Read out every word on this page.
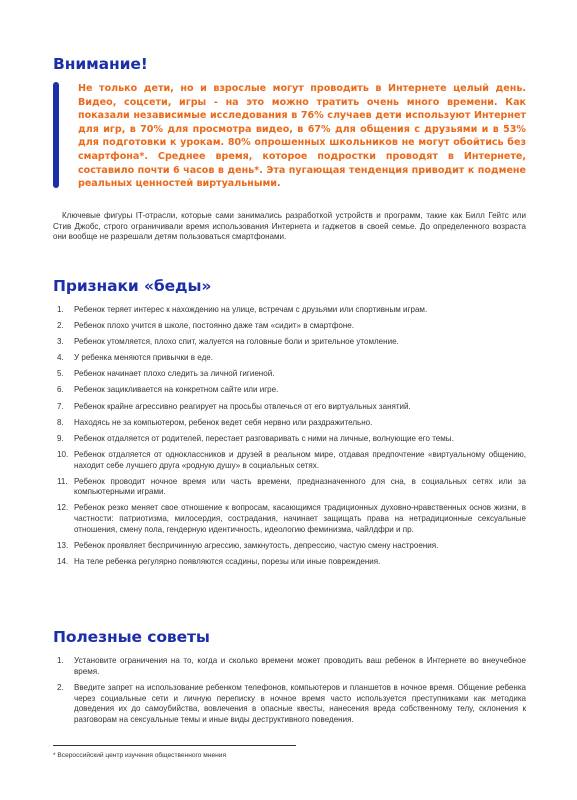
Внимание!

Не только дети, но и взрослые могут проводить в Интернете целый день. Видео, соцсети, игры - на это можно тратить очень много времени. Как показали независимые исследования в 76% случаев дети используют Интернет для игр, в 70% для просмотра видео, в 67% для общения с друзьями и в 53% для подготовки к урокам. 80% опрошенных школьников не могут обойтись без смартфона*. Среднее время, которое подростки проводят в Интернете, составило почти 6 часов в день*. Эта пугающая тенденция приводит к подмене реальных ценностей виртуальными.

Ключевые фигуры IT-отрасли, которые сами занимались разработкой устройств и программ, такие как Билл Гейтс или Стив Джобс, строго ограничивали время использования Интернета и гаджетов в своей семье. До определенного возраста они вообще не разрешали детям пользоваться смартфонами.

Признаки «беды»
1. Ребенок теряет интерес к нахождению на улице, встречам с друзьями или спортивным играм.
2. Ребенок плохо учится в школе, постоянно даже там «сидит» в смартфоне.
3. Ребенок утомляется, плохо спит, жалуется на головные боли и зрительное утомление.
4. У ребенка меняются привычки в еде.
5. Ребенок начинает плохо следить за личной гигиеной.
6. Ребенок зацикливается на конкретном сайте или игре.
7. Ребенок крайне агрессивно реагирует на просьбы отвлечься от его виртуальных занятий.
8. Находясь не за компьютером, ребенок ведет себя нервно или раздражительно.
9. Ребенок отдаляется от родителей, перестает разговаривать с ними на личные, волнующие его темы.
10. Ребенок отдаляется от одноклассников и друзей в реальном мире, отдавая предпочтение «виртуальному общению, находит себе лучшего друга «родную душу» в социальных сетях.
11. Ребенок проводит ночное время или часть времени, предназначенного для сна, в социальных сетях или за компьютерными играми.
12. Ребенок резко меняет свое отношение к вопросам, касающимся традиционных духовно-нравственных основ жизни, в частности: патриотизма, милосердия, сострадания, начинает защищать права на нетрадиционные сексуальные отношения, смену пола, гендерную идентичность, идеологию феминизма, чайлдфри и пр.
13. Ребенок проявляет беспричинную агрессию, замкнутость, депрессию, частую смену настроения.
14. На теле ребенка регулярно появляются ссадины, порезы или иные повреждения.
Полезные советы
1. Установите ограничения на то, когда и сколько времени может проводить ваш ребенок в Интернете во внеучебное время.
2. Введите запрет на использование ребенком телефонов, компьютеров и планшетов в ночное время. Общение ребенка через социальные сети и личную переписку в ночное время часто используется преступниками как методика доведения их до самоубийства, вовлечения в опасные квесты, нанесения вреда собственному телу, склонения к разговорам на сексуальные темы и иные виды деструктивного поведения.

* Всероссийский центр изучения общественного мнения
